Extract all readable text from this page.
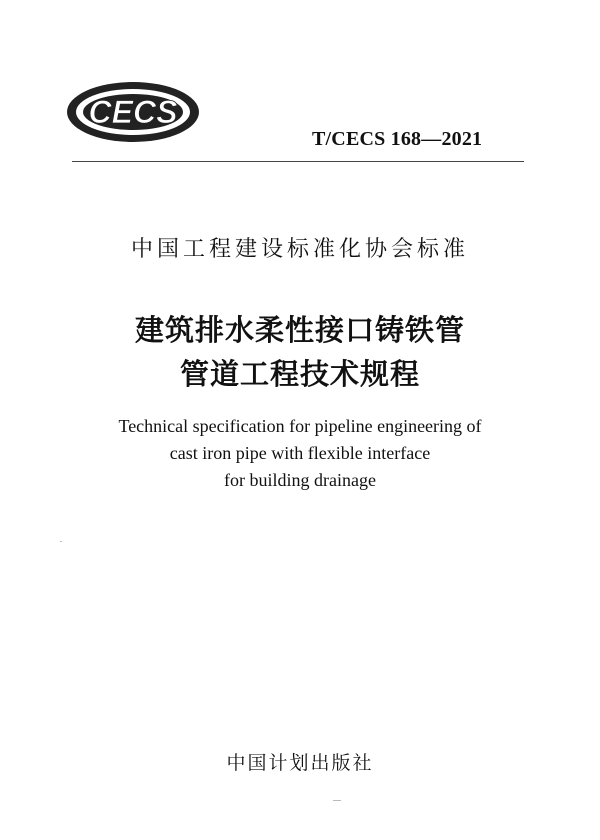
CECS
T/CECS 168—2021
中国工程建设标准化协会标准
建筑排水柔性接口铸铁管
管道工程技术规程
Technical specification for pipeline engineering of
cast iron pipe with flexible interface
for building drainage
中国计划出版社
